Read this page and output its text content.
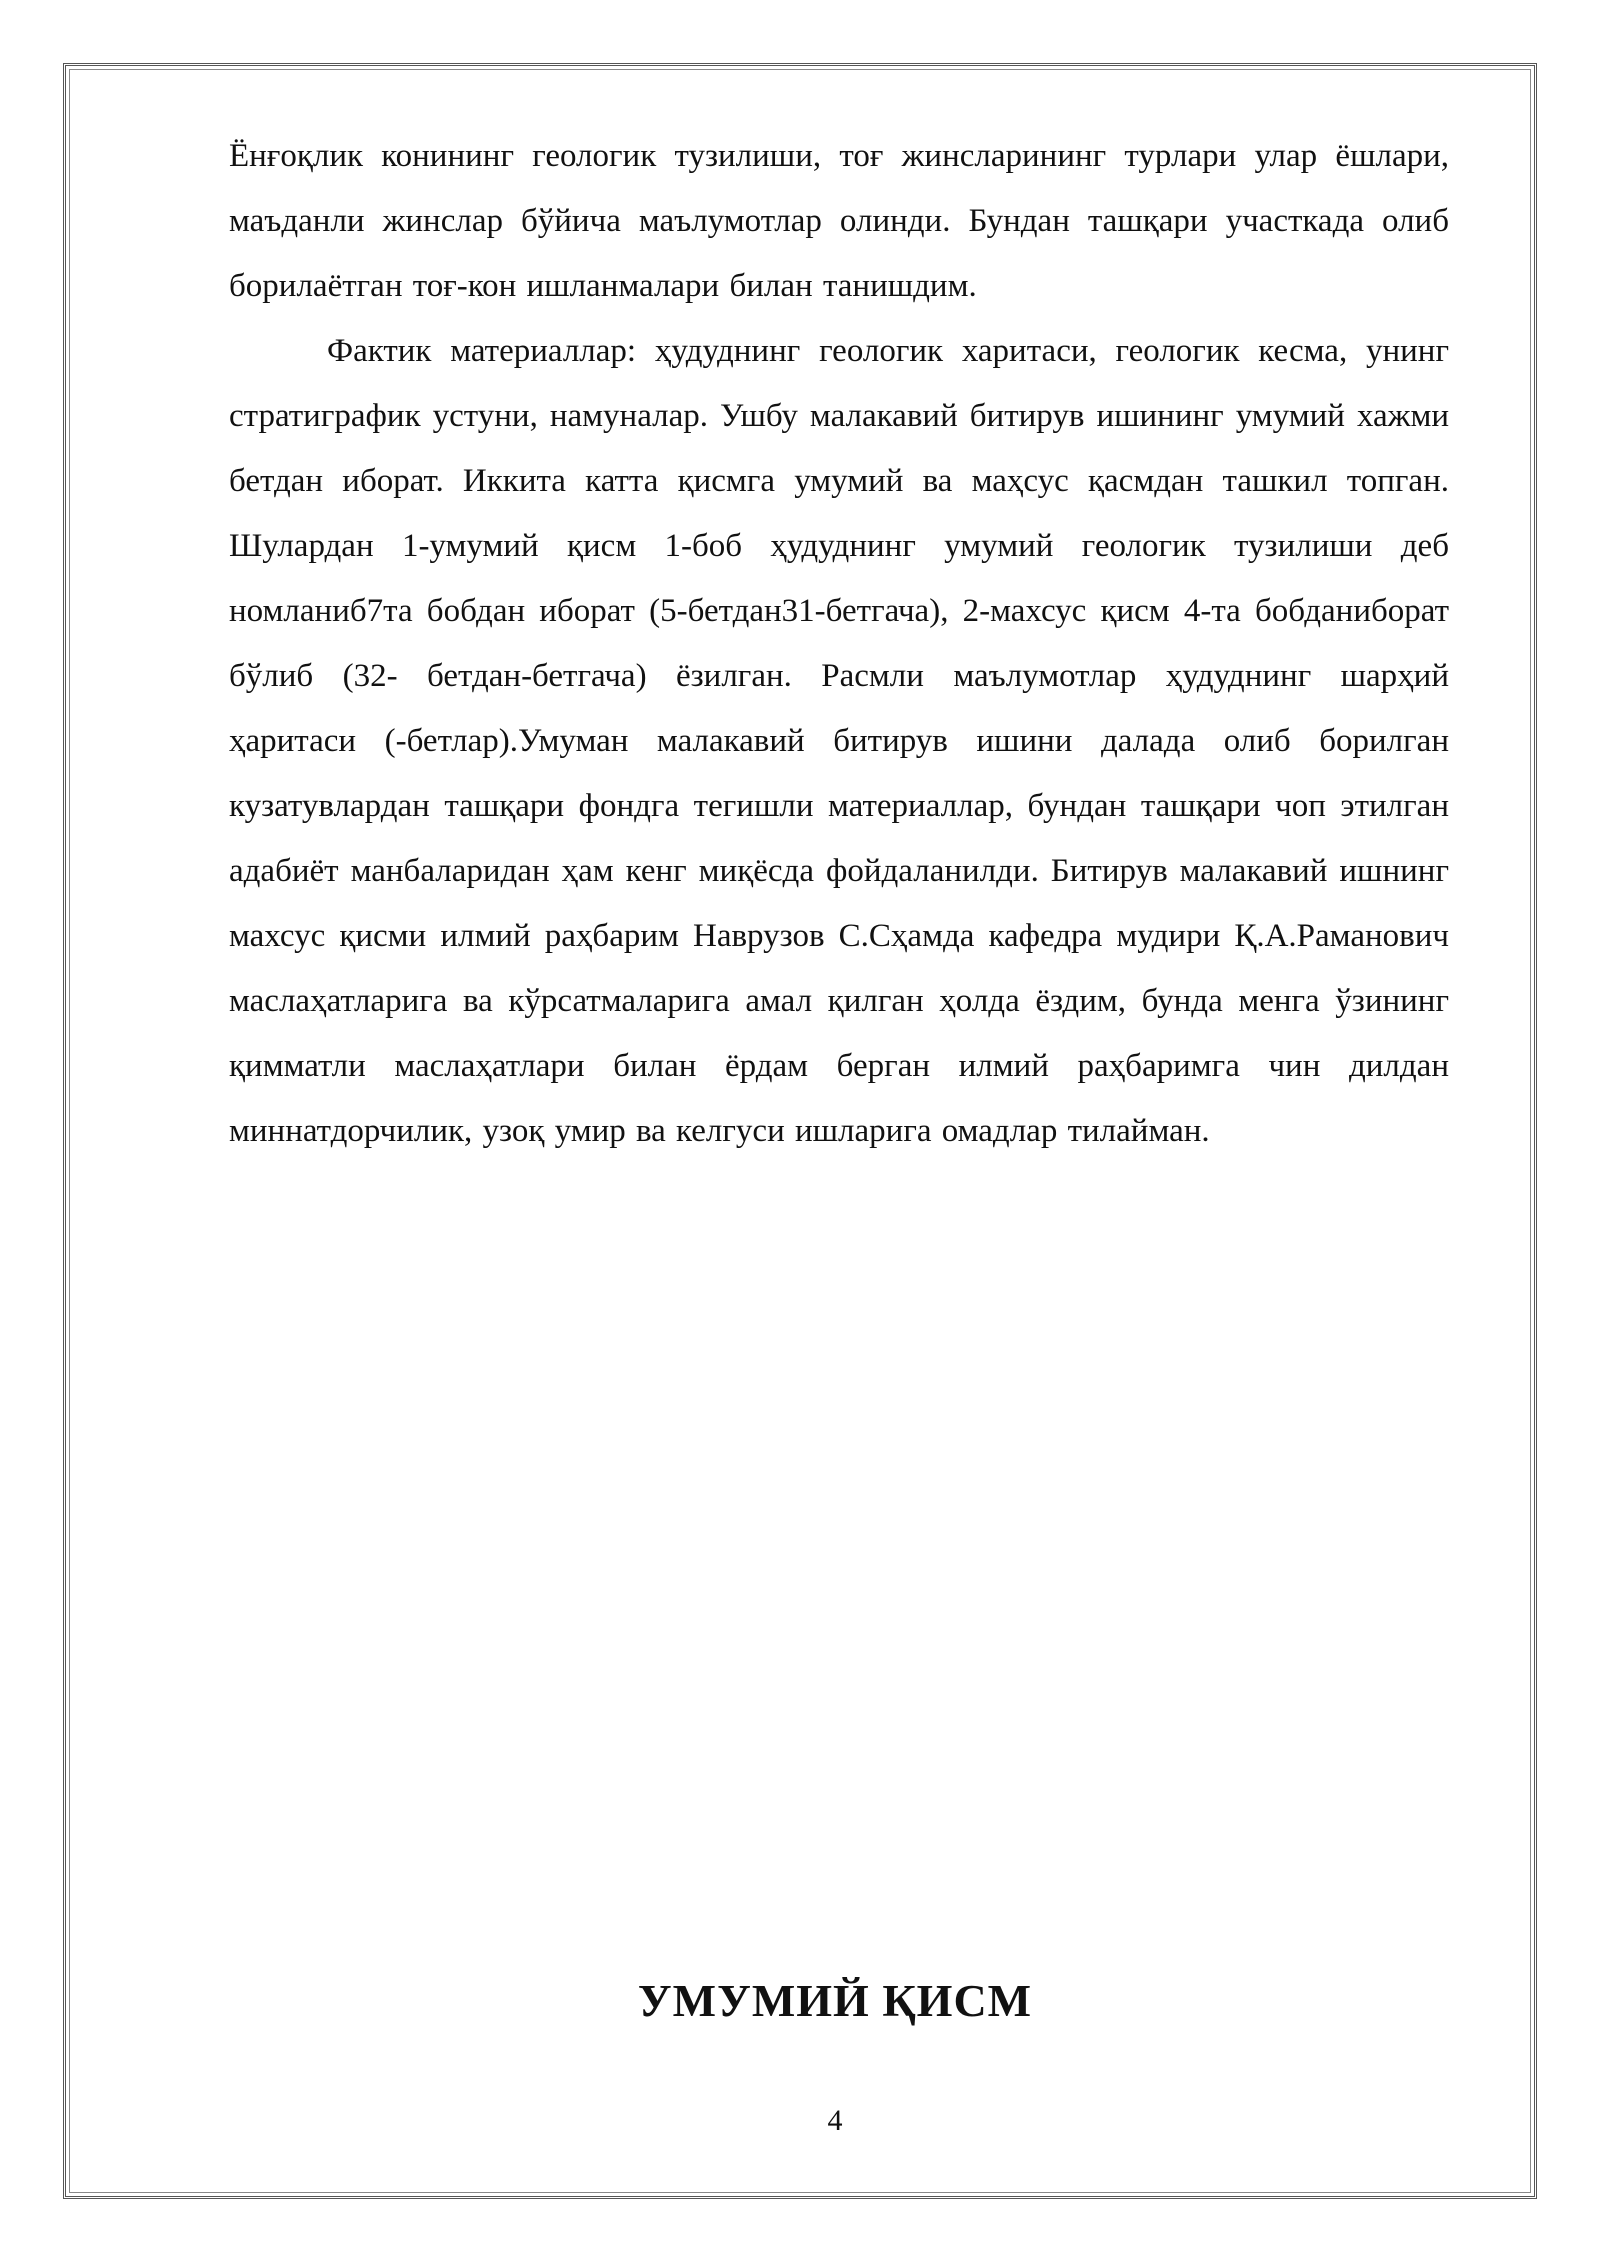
Ёнғоқлик конининг геологик тузилиши, тоғ жинсларининг турлари улар ёшлари, маъданли жинслар бўйича маълумотлар олинди. Бундан ташқари участкада олиб борилаётган тоғ-кон ишланмалари билан танишдим.

Фактик материаллар: ҳудуднинг геологик харитаси, геологик кесма, унинг стратиграфик устуни, намуналар. Ушбу малакавий битирув ишининг умумий хажми бетдан иборат. Иккита катта қисмга умумий ва маҳсус қасмдан ташкил топган. Шулардан 1-умумий қисм 1-боб ҳудуднинг умумий геологик тузилиши деб номланиб7та бобдан иборат (5-бетдан31-бетгача), 2-махсус қисм 4-та бобданиборат бўлиб (32- бетдан-бетгача) ёзилган. Расмли маълумотлар ҳудуднинг шарҳий ҳаритаси (-бетлар).Умуман малакавий битирув ишини далада олиб борилган кузатувлардан ташқари фондга тегишли материаллар, бундан ташқари чоп этилган адабиёт манбаларидан ҳам кенг миқёсда фойдаланилди. Битирув малакавий ишнинг махсус қисми илмий раҳбарим Наврузов С.Сҳамда кафедра мудири Қ.А.Раманович маслаҳатларига ва кўрсатмаларига амал қилган ҳолда ёздим, бунда менга ўзининг қимматли маслаҳатлари билан ёрдам берган илмий раҳбаримга чин дилдан миннатдорчилик, узоқ умир ва келгуси ишларига омадлар тилайман.

УМУМИЙ ҚИСМ
4
